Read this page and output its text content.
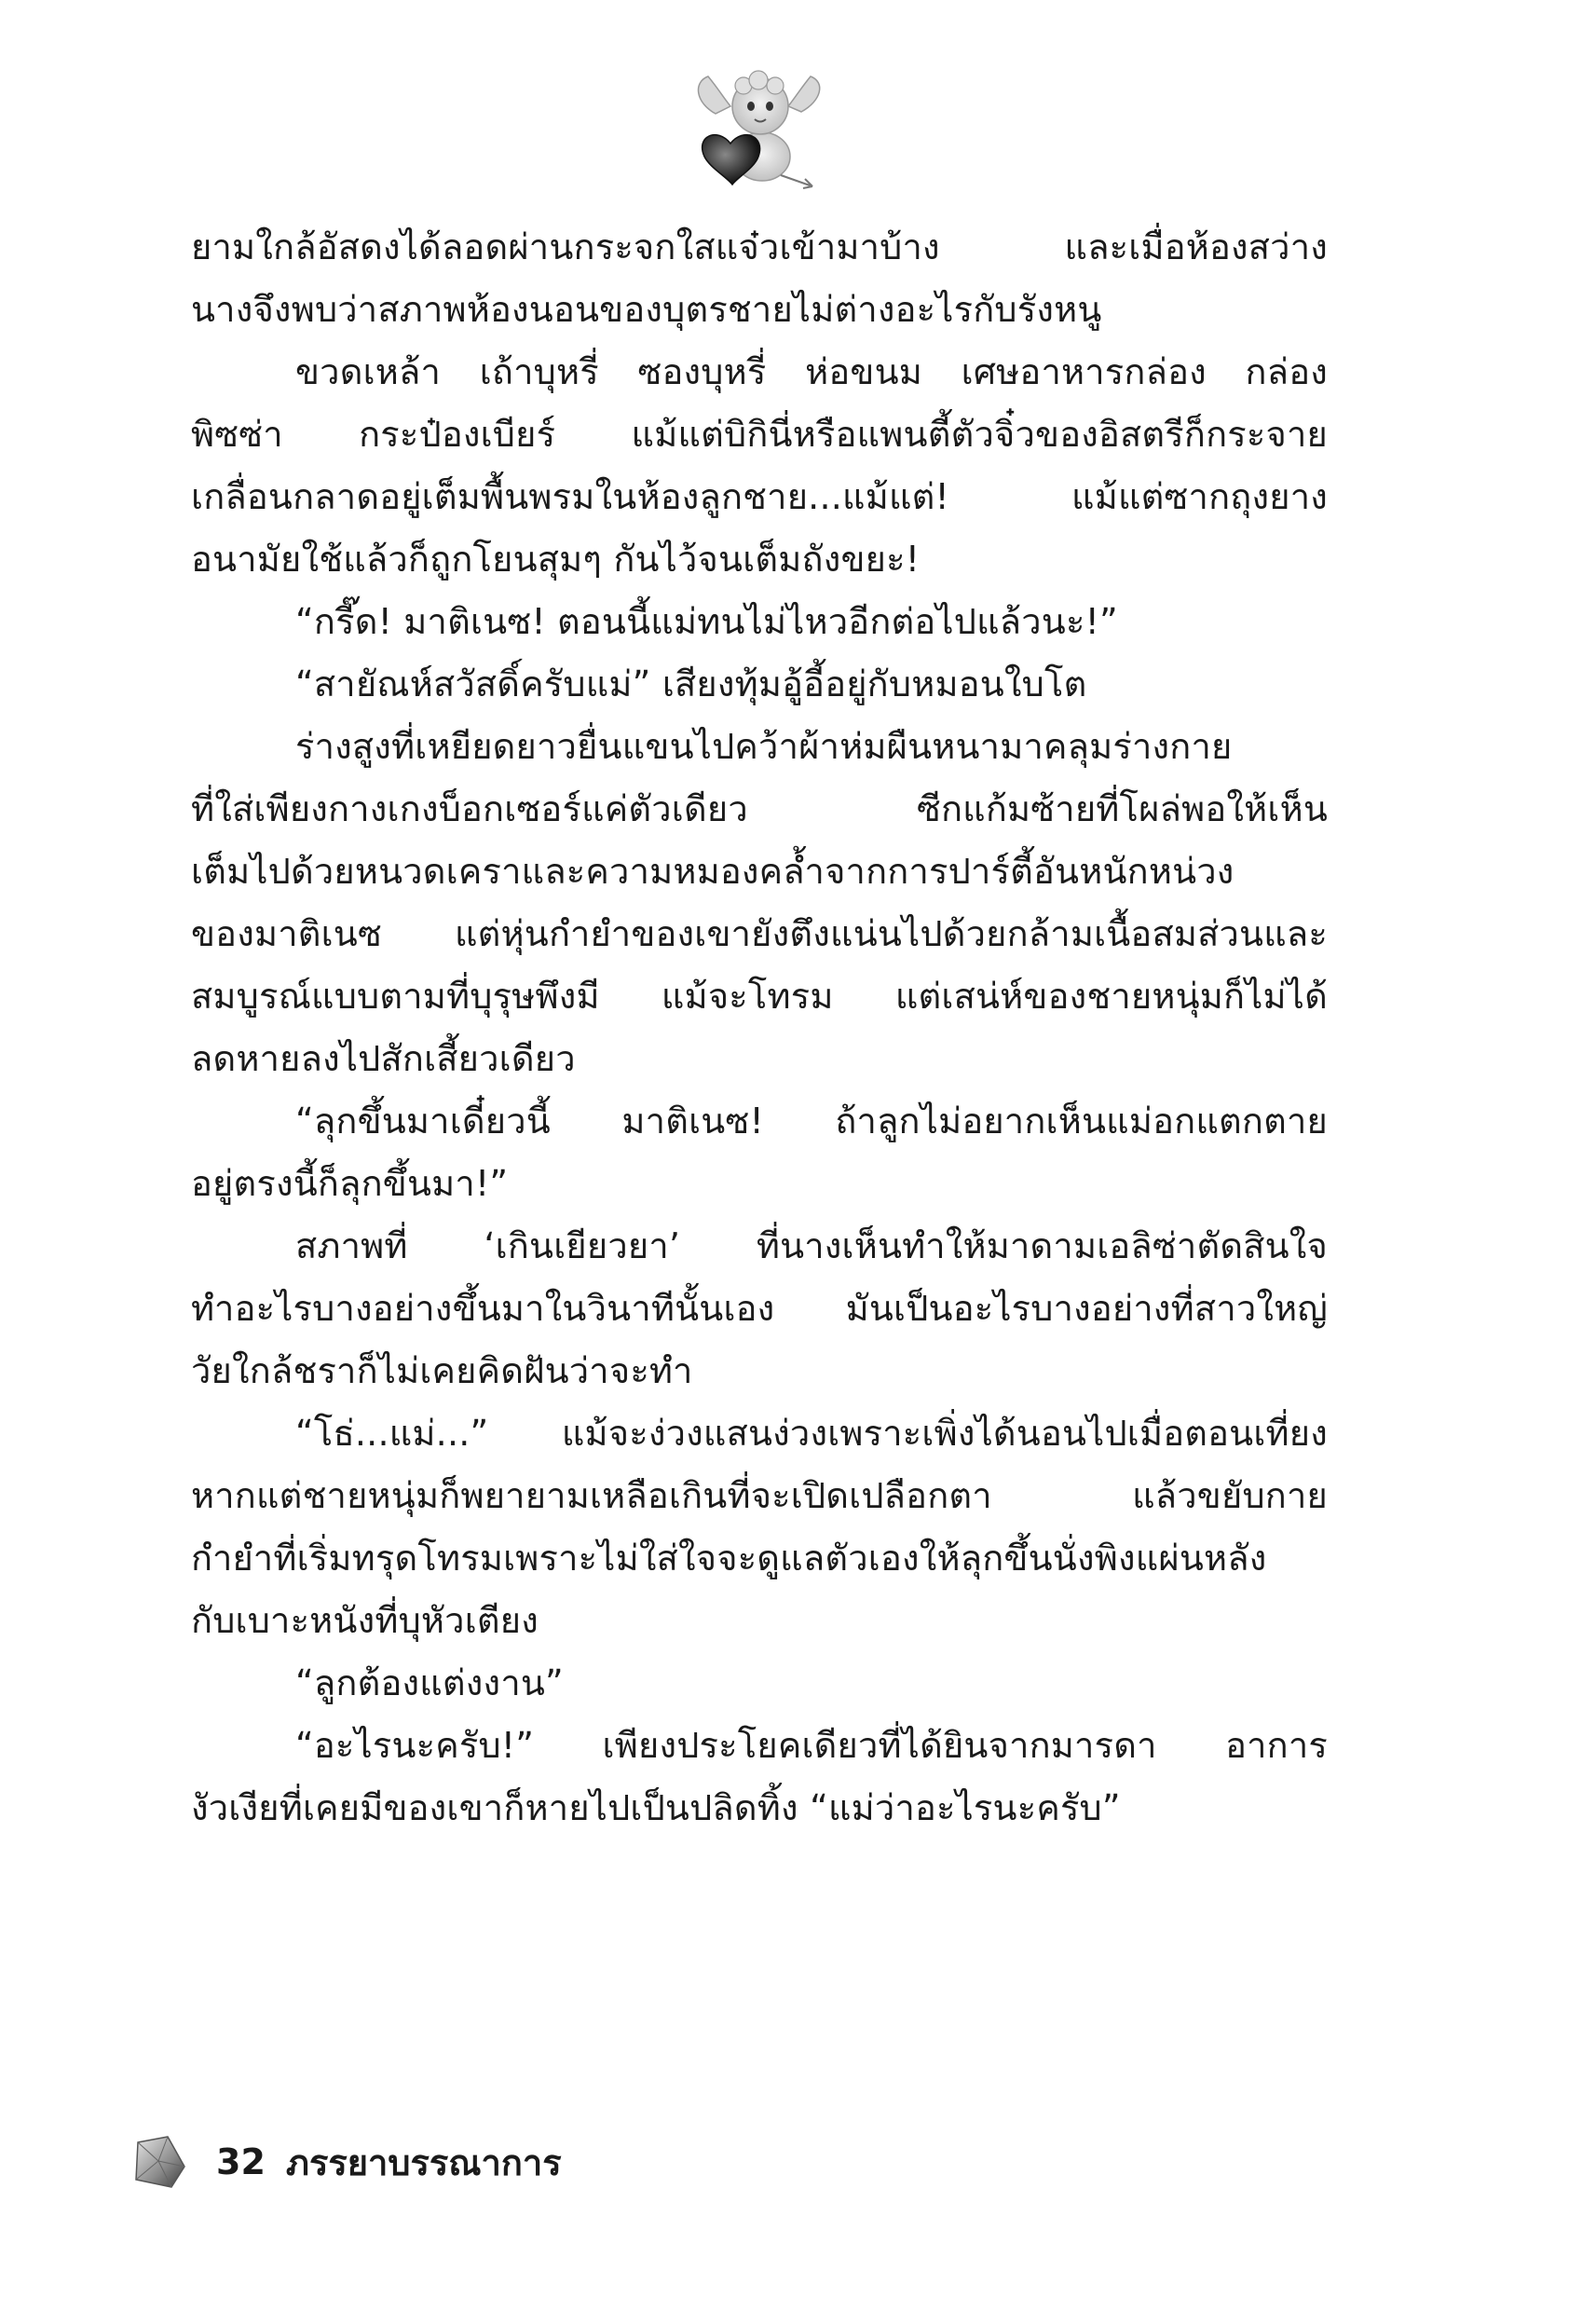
ยามใกล้อัสดงได้ลอดผ่านกระจกใสแจ๋วเข้ามาบ้าง และเมื่อห้องสว่าง
นางจึงพบว่าสภาพห้องนอนของบุตรชายไม่ต่างอะไรกับรังหนู
ขวดเหล้า เถ้าบุหรี่ ซองบุหรี่ ห่อขนม เศษอาหารกล่อง กล่อง
พิซซ่า กระป๋องเบียร์ แม้แต่บิกินี่หรือแพนตี้ตัวจิ๋วของอิสตรีก็กระจาย
เกลื่อนกลาดอยู่เต็มพื้นพรมในห้องลูกชาย...แม้แต่! แม้แต่ซากถุงยาง
อนามัยใช้แล้วก็ถูกโยนสุมๆ กันไว้จนเต็มถังขยะ!
“กรี๊ด! มาติเนซ! ตอนนี้แม่ทนไม่ไหวอีกต่อไปแล้วนะ!”
“สายัณห์สวัสดิ์ครับแม่” เสียงทุ้มอู้อี้อยู่กับหมอนใบโต
ร่างสูงที่เหยียดยาวยื่นแขนไปคว้าผ้าห่มผืนหนามาคลุมร่างกาย
ที่ใส่เพียงกางเกงบ็อกเซอร์แค่ตัวเดียว ซีกแก้มซ้ายที่โผล่พอให้เห็น
เต็มไปด้วยหนวดเคราและความหมองคล้ำจากการปาร์ตี้อันหนักหน่วง
ของมาติเนซ แต่หุ่นกำยำของเขายังตึงแน่นไปด้วยกล้ามเนื้อสมส่วนและ
สมบูรณ์แบบตามที่บุรุษพึงมี แม้จะโทรม แต่เสน่ห์ของชายหนุ่มก็ไม่ได้
ลดหายลงไปสักเสี้ยวเดียว
“ลุกขึ้นมาเดี๋ยวนี้ มาติเนซ! ถ้าลูกไม่อยากเห็นแม่อกแตกตาย
อยู่ตรงนี้ก็ลุกขึ้นมา!”
สภาพที่ ‘เกินเยียวยา’ ที่นางเห็นทำให้มาดามเอลิซ่าตัดสินใจ
ทำอะไรบางอย่างขึ้นมาในวินาทีนั้นเอง มันเป็นอะไรบางอย่างที่สาวใหญ่
วัยใกล้ชราก็ไม่เคยคิดฝันว่าจะทำ
“โธ่...แม่...” แม้จะง่วงแสนง่วงเพราะเพิ่งได้นอนไปเมื่อตอนเที่ยง
หากแต่ชายหนุ่มก็พยายามเหลือเกินที่จะเปิดเปลือกตา แล้วขยับกาย
กำยำที่เริ่มทรุดโทรมเพราะไม่ใส่ใจจะดูแลตัวเองให้ลุกขึ้นนั่งพิงแผ่นหลัง
กับเบาะหนังที่บุหัวเตียง
“ลูกต้องแต่งงาน”
“อะไรนะครับ!” เพียงประโยคเดียวที่ได้ยินจากมารดา อาการ
งัวเงียที่เคยมีของเขาก็หายไปเป็นปลิดทิ้ง “แม่ว่าอะไรนะครับ”
32 ภรรยาบรรณาการ
